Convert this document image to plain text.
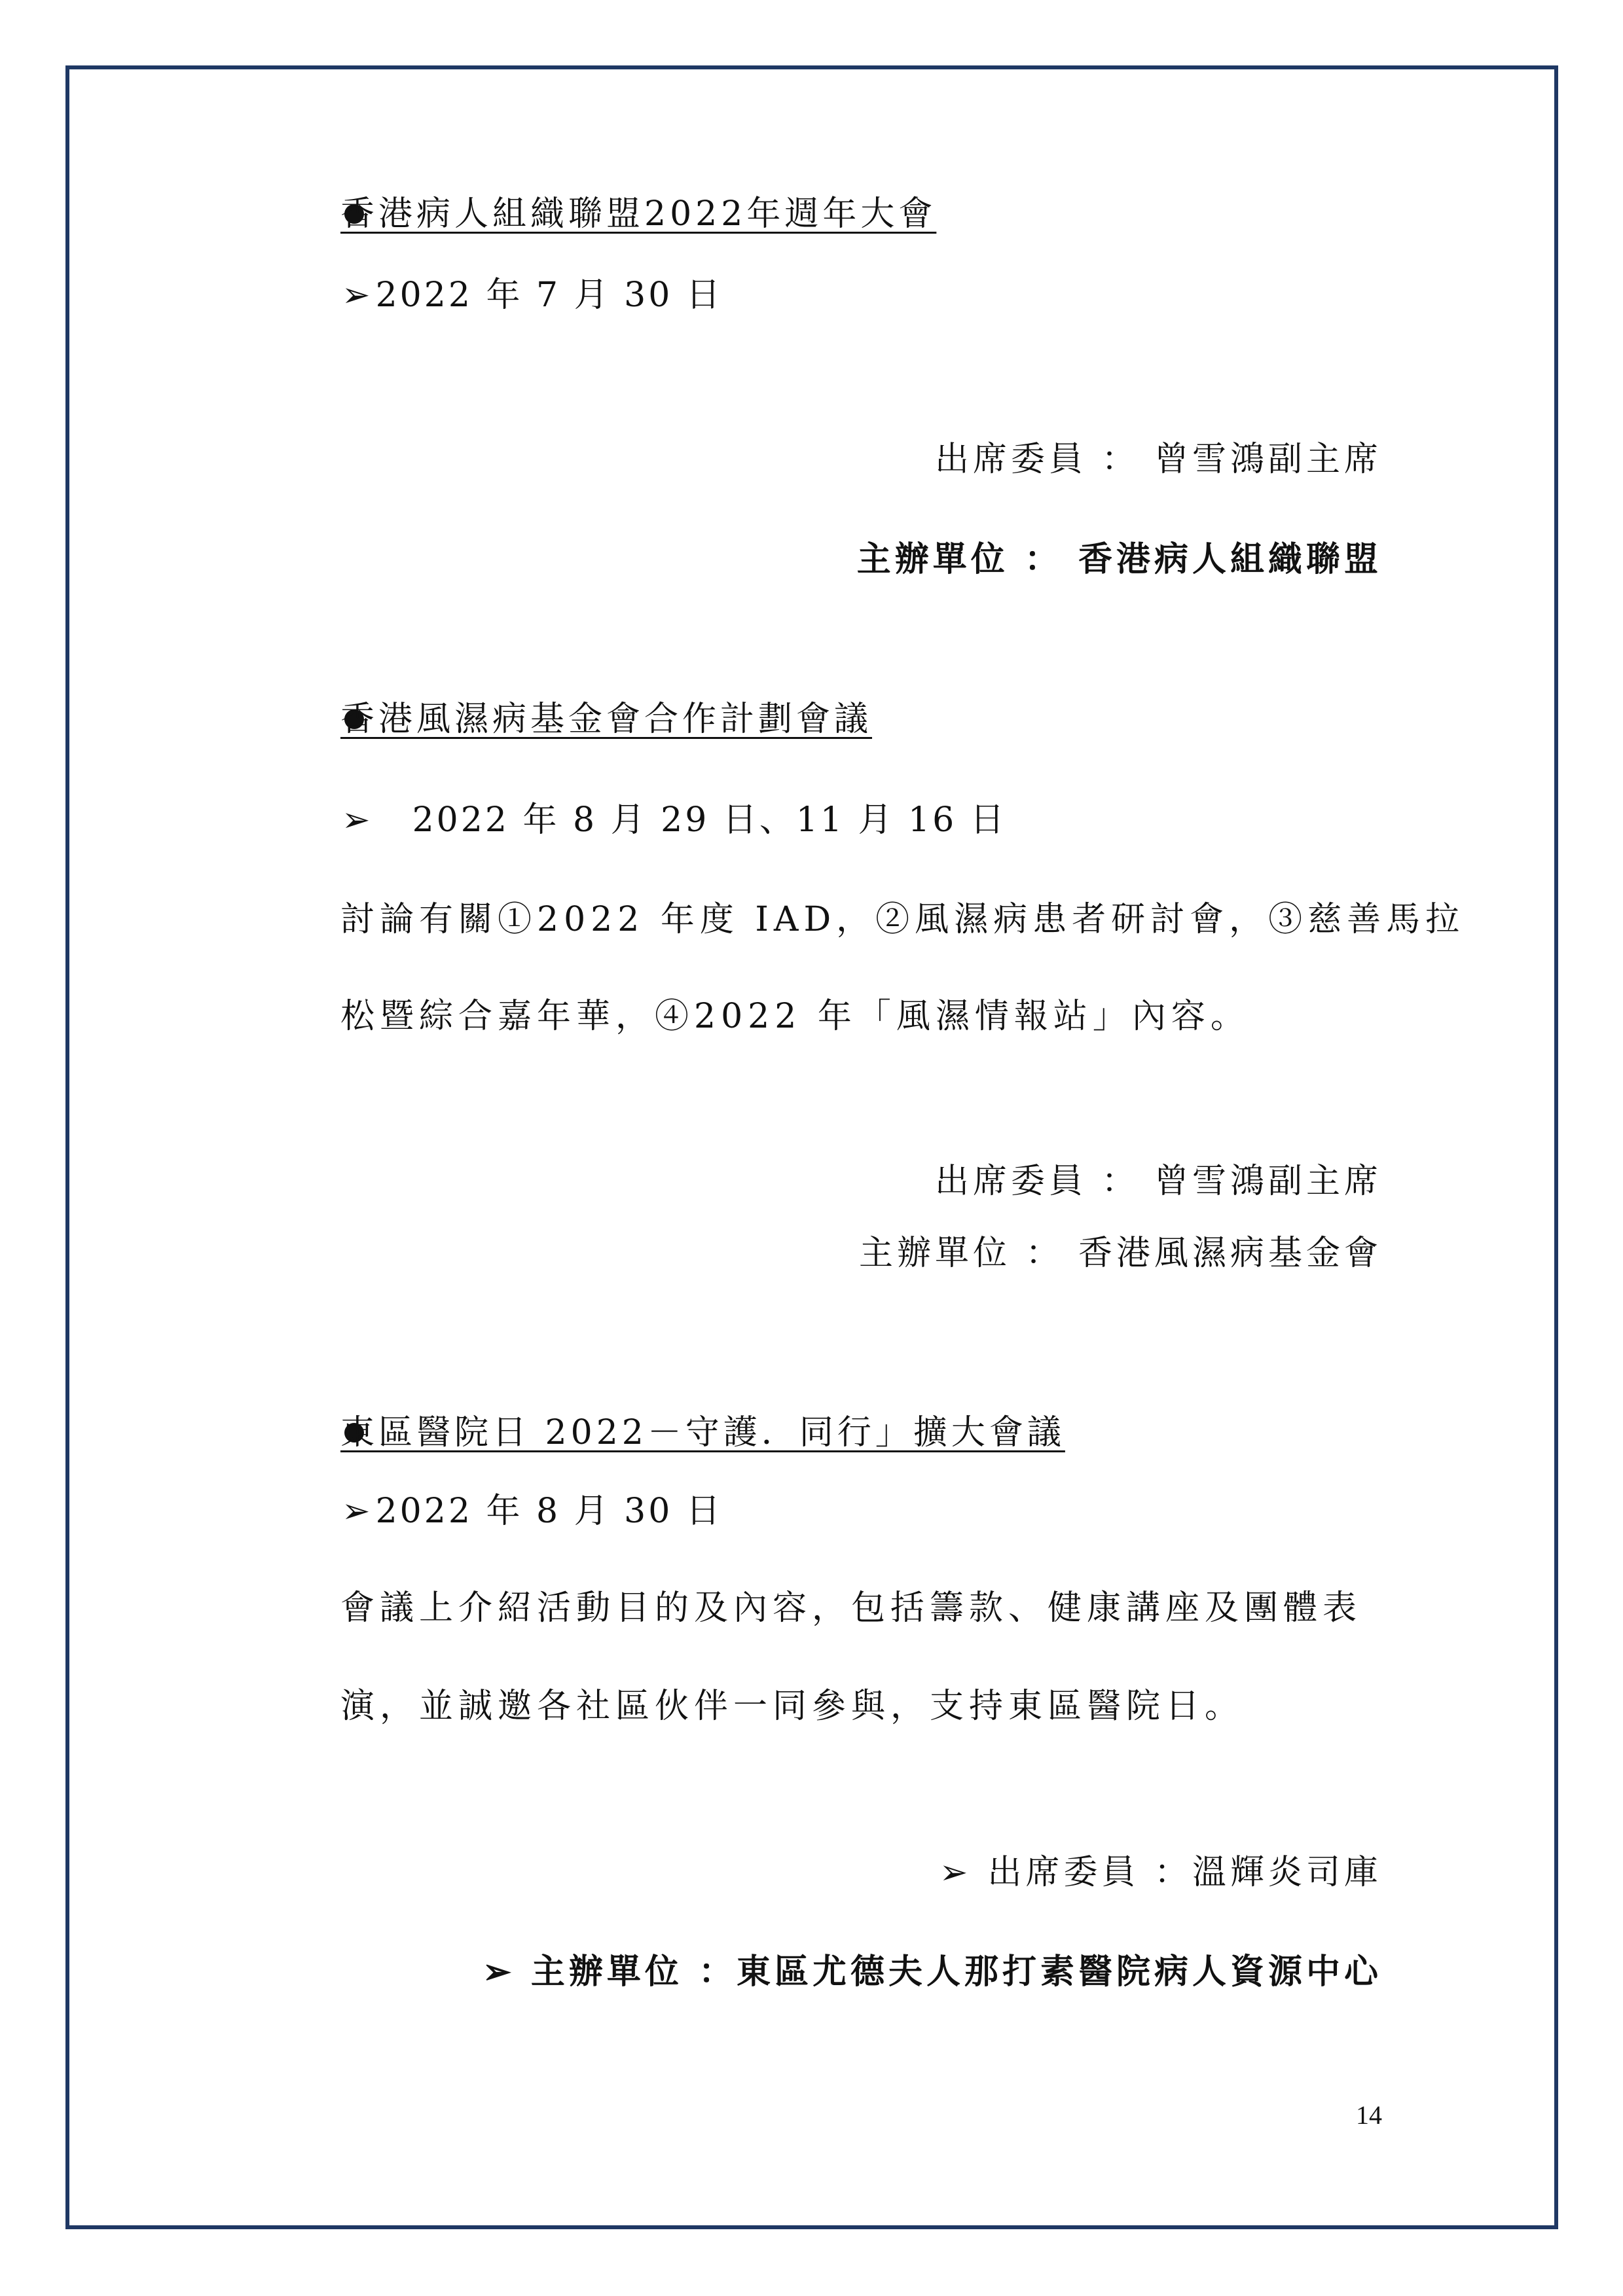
香港病人組織聯盟2022年週年大會
➢2022 年 7 月 30 日
出席委員 ： 曾雪鴻副主席
主辦單位 ： 香港病人組織聯盟
香港風濕病基金會合作計劃會議
➢ 2022 年 8 月 29 日、11 月 16 日
討論有關①2022 年度 IAD，②風濕病患者研討會，③慈善馬拉
松暨綜合嘉年華，④2022 年「風濕情報站」內容。
出席委員 ： 曾雪鴻副主席
主辦單位 ： 香港風濕病基金會
東區醫院日 2022－守護．同行」擴大會議
➢2022 年 8 月 30 日
會議上介紹活動目的及內容，包括籌款、健康講座及團體表
演，並誠邀各社區伙伴一同參與，支持東區醫院日。
➢ 出席委員 ：溫輝炎司庫
➢ 主辦單位 ：東區尤德夫人那打素醫院病人資源中心
14
